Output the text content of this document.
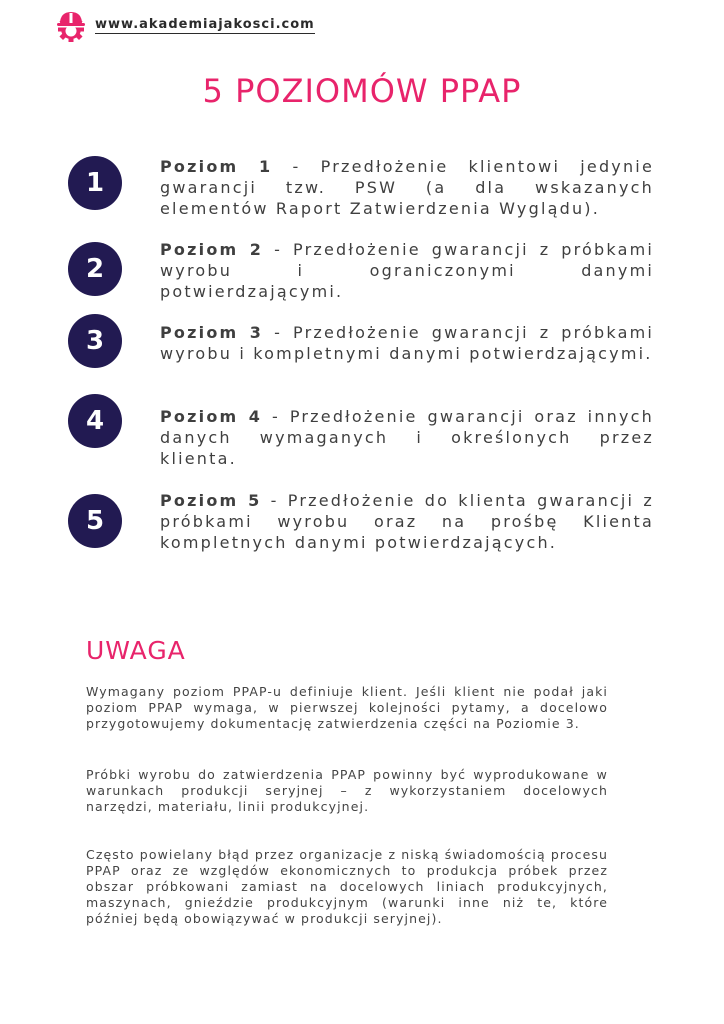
www.akademiajakosci.com
5 POZIOMÓW PPAP
1

Poziom 1 - Przedłożenie klientowi jedynie gwarancji tzw. PSW (a dla wskazanych elementów Raport Zatwierdzenia Wyglądu).

2

Poziom 2 - Przedłożenie gwarancji z próbkami wyrobu i ograniczonymi danymi potwierdzającymi.

3	Poziom 3 - Przedłożenie gwarancji z próbkami wyrobu i kompletnymi danymi potwierdzającymi.

4	Poziom 4 - Przedłożenie gwarancji oraz innych danych wymaganych i określonych przez klienta.

5

Poziom 5 - Przedłożenie do klienta gwarancji z próbkami wyrobu oraz na prośbę Klienta kompletnych danymi potwierdzających.

UWAGA

Wymagany poziom PPAP-u definiuje klient. Jeśli klient nie podał jaki poziom PPAP wymaga, w pierwszej kolejności pytamy, a docelowo przygotowujemy dokumentację zatwierdzenia części na Poziomie 3.

Próbki wyrobu do zatwierdzenia PPAP powinny być wyprodukowane w warunkach produkcji seryjnej – z wykorzystaniem docelowych narzędzi, materiału, linii produkcyjnej.

Często powielany błąd przez organizacje z niską świadomością procesu PPAP oraz ze względów ekonomicznych to produkcja próbek przez obszar próbkowani zamiast na docelowych liniach produkcyjnych, maszynach, gnieździe produkcyjnym (warunki inne niż te, które później będą obowiązywać w produkcji seryjnej).
